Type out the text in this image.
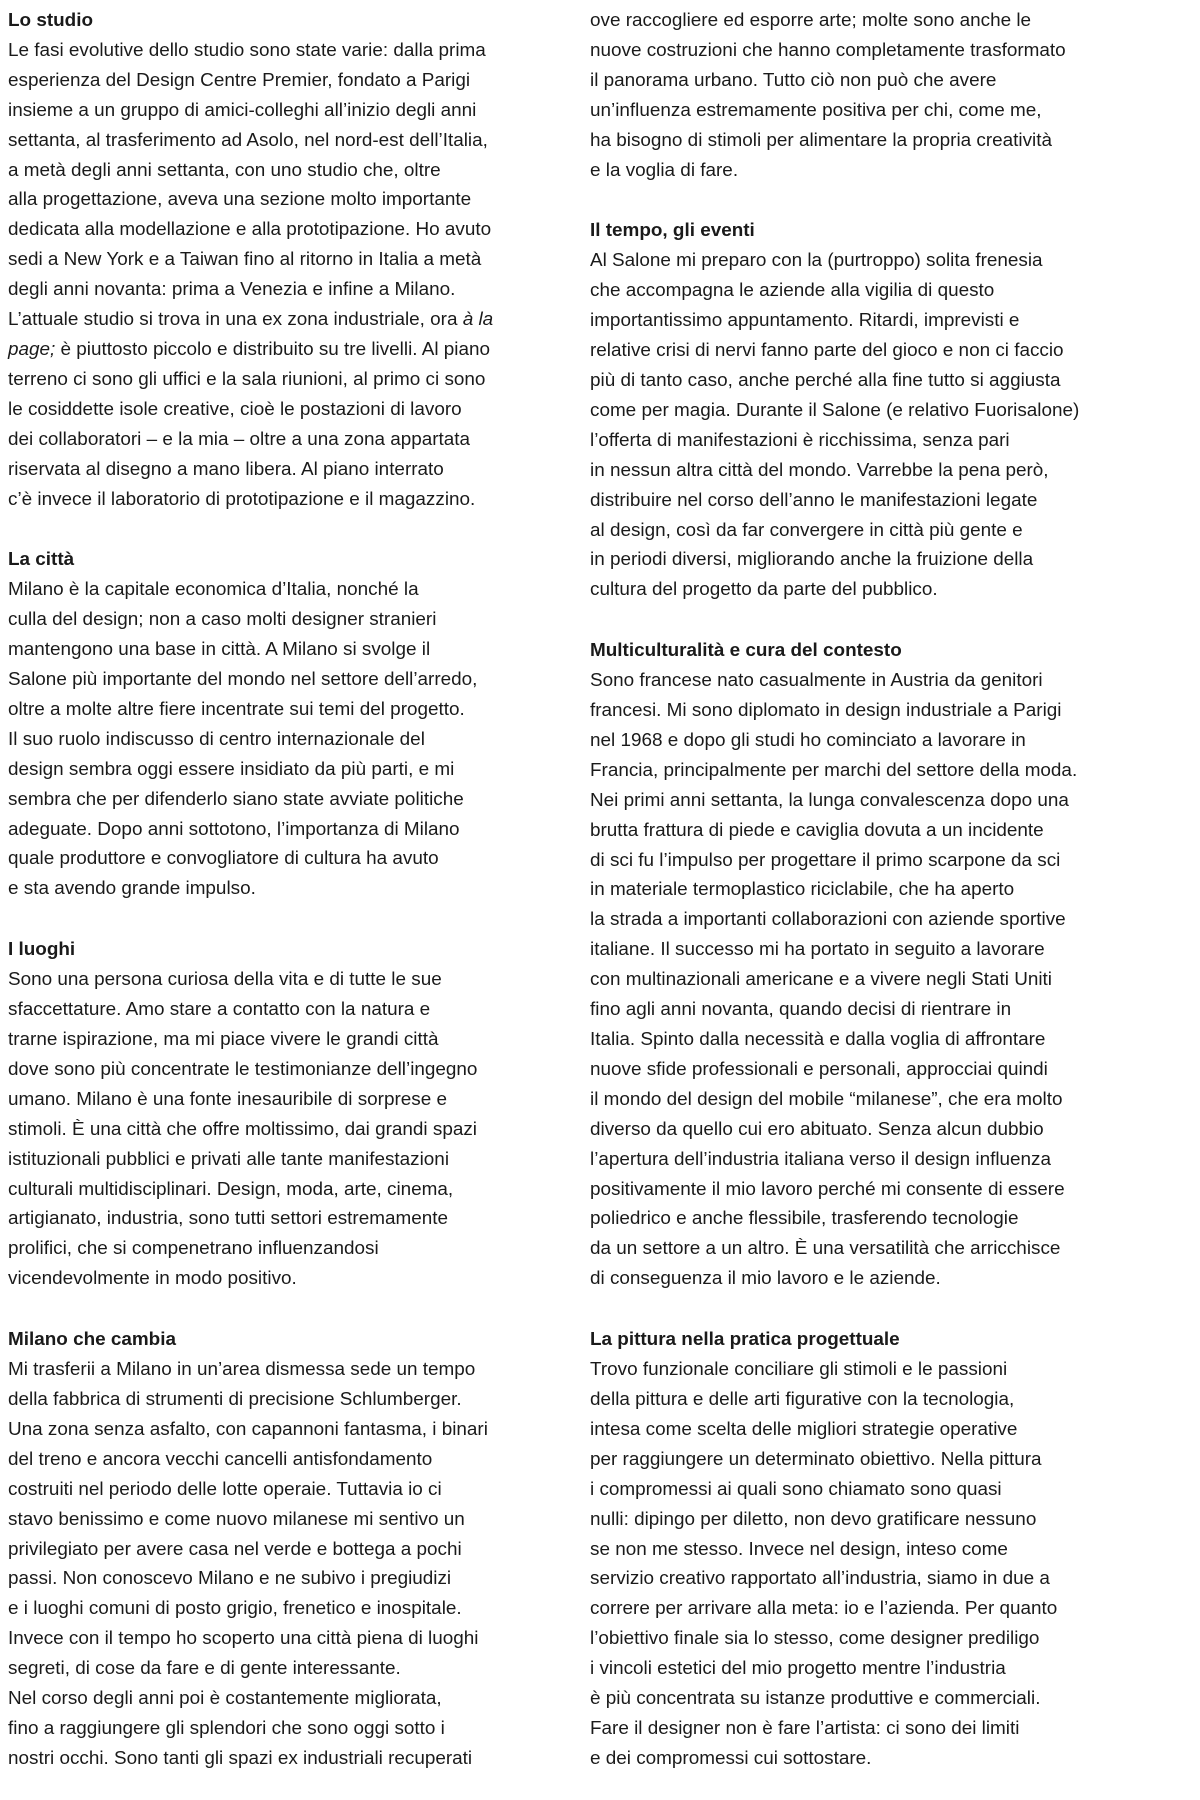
Lo studio

Le fasi evolutive dello studio sono state varie: dalla prima
esperienza del Design Centre Premier, fondato a Parigi
insieme a un gruppo di amici-colleghi all’inizio degli anni
settanta, al trasferimento ad Asolo, nel nord-est dell’Italia,
a metà degli anni settanta, con uno studio che, oltre
alla progettazione, aveva una sezione molto importante
dedicata alla modellazione e alla prototipazione. Ho avuto
sedi a New York e a Taiwan fino al ritorno in Italia a metà
degli anni novanta: prima a Venezia e infine a Milano.
L’attuale studio si trova in una ex zona industriale, ora à la
page; è piuttosto piccolo e distribuito su tre livelli. Al piano
terreno ci sono gli uffici e la sala riunioni, al primo ci sono
le cosiddette isole creative, cioè le postazioni di lavoro
dei collaboratori – e la mia – oltre a una zona appartata
riservata al disegno a mano libera. Al piano interrato
c’è invece il laboratorio di prototipazione e il magazzino.

La città

Milano è la capitale economica d’Italia, nonché la
culla del design; non a caso molti designer stranieri
mantengono una base in città. A Milano si svolge il
Salone più importante del mondo nel settore dell’arredo,
oltre a molte altre fiere incentrate sui temi del progetto.
Il suo ruolo indiscusso di centro internazionale del
design sembra oggi essere insidiato da più parti, e mi
sembra che per difenderlo siano state avviate politiche
adeguate. Dopo anni sottotono, l’importanza di Milano
quale produttore e convogliatore di cultura ha avuto
e sta avendo grande impulso.

I luoghi

Sono una persona curiosa della vita e di tutte le sue
sfaccettature. Amo stare a contatto con la natura e
trarne ispirazione, ma mi piace vivere le grandi città
dove sono più concentrate le testimonianze dell’ingegno
umano. Milano è una fonte inesauribile di sorprese e
stimoli. È una città che offre moltissimo, dai grandi spazi
istituzionali pubblici e privati alle tante manifestazioni
culturali multidisciplinari. Design, moda, arte, cinema,
artigianato, industria, sono tutti settori estremamente
prolifici, che si compenetrano influenzandosi
vicendevolmente in modo positivo.

Milano che cambia

Mi trasferii a Milano in un’area dismessa sede un tempo
della fabbrica di strumenti di precisione Schlumberger.
Una zona senza asfalto, con capannoni fantasma, i binari
del treno e ancora vecchi cancelli antisfondamento
costruiti nel periodo delle lotte operaie. Tuttavia io ci
stavo benissimo e come nuovo milanese mi sentivo un
privilegiato per avere casa nel verde e bottega a pochi
passi. Non conoscevo Milano e ne subivo i pregiudizi
e i luoghi comuni di posto grigio, frenetico e inospitale.
Invece con il tempo ho scoperto una città piena di luoghi
segreti, di cose da fare e di gente interessante.
Nel corso degli anni poi è costantemente migliorata,
fino a raggiungere gli splendori che sono oggi sotto i
nostri occhi. Sono tanti gli spazi ex industriali recuperati

ove raccogliere ed esporre arte; molte sono anche le
nuove costruzioni che hanno completamente trasformato
il panorama urbano. Tutto ciò non può che avere
un’influenza estremamente positiva per chi, come me,
ha bisogno di stimoli per alimentare la propria creatività
e la voglia di fare.

Il tempo, gli eventi

Al Salone mi preparo con la (purtroppo) solita frenesia
che accompagna le aziende alla vigilia di questo
importantissimo appuntamento. Ritardi, imprevisti e
relative crisi di nervi fanno parte del gioco e non ci faccio
più di tanto caso, anche perché alla fine tutto si aggiusta
come per magia. Durante il Salone (e relativo Fuorisalone)
l’offerta di manifestazioni è ricchissima, senza pari
in nessun altra città del mondo. Varrebbe la pena però,
distribuire nel corso dell’anno le manifestazioni legate
al design, così da far convergere in città più gente e
in periodi diversi, migliorando anche la fruizione della
cultura del progetto da parte del pubblico.

Multiculturalità e cura del contesto

Sono francese nato casualmente in Austria da genitori
francesi. Mi sono diplomato in design industriale a Parigi
nel 1968 e dopo gli studi ho cominciato a lavorare in
Francia, principalmente per marchi del settore della moda.
Nei primi anni settanta, la lunga convalescenza dopo una
brutta frattura di piede e caviglia dovuta a un incidente
di sci fu l’impulso per progettare il primo scarpone da sci
in materiale termoplastico riciclabile, che ha aperto
la strada a importanti collaborazioni con aziende sportive
italiane. Il successo mi ha portato in seguito a lavorare
con multinazionali americane e a vivere negli Stati Uniti
fino agli anni novanta, quando decisi di rientrare in
Italia. Spinto dalla necessità e dalla voglia di affrontare
nuove sfide professionali e personali, approcciai quindi
il mondo del design del mobile “milanese”, che era molto
diverso da quello cui ero abituato. Senza alcun dubbio
l’apertura dell’industria italiana verso il design influenza
positivamente il mio lavoro perché mi consente di essere
poliedrico e anche flessibile, trasferendo tecnologie
da un settore a un altro. È una versatilità che arricchisce
di conseguenza il mio lavoro e le aziende.

La pittura nella pratica progettuale

Trovo funzionale conciliare gli stimoli e le passioni
della pittura e delle arti figurative con la tecnologia,
intesa come scelta delle migliori strategie operative
per raggiungere un determinato obiettivo. Nella pittura
i compromessi ai quali sono chiamato sono quasi
nulli: dipingo per diletto, non devo gratificare nessuno
se non me stesso. Invece nel design, inteso come
servizio creativo rapportato all’industria, siamo in due a
correre per arrivare alla meta: io e l’azienda. Per quanto
l’obiettivo finale sia lo stesso, come designer prediligo
i vincoli estetici del mio progetto mentre l’industria
è più concentrata su istanze produttive e commerciali.
Fare il designer non è fare l’artista: ci sono dei limiti
e dei compromessi cui sottostare.
